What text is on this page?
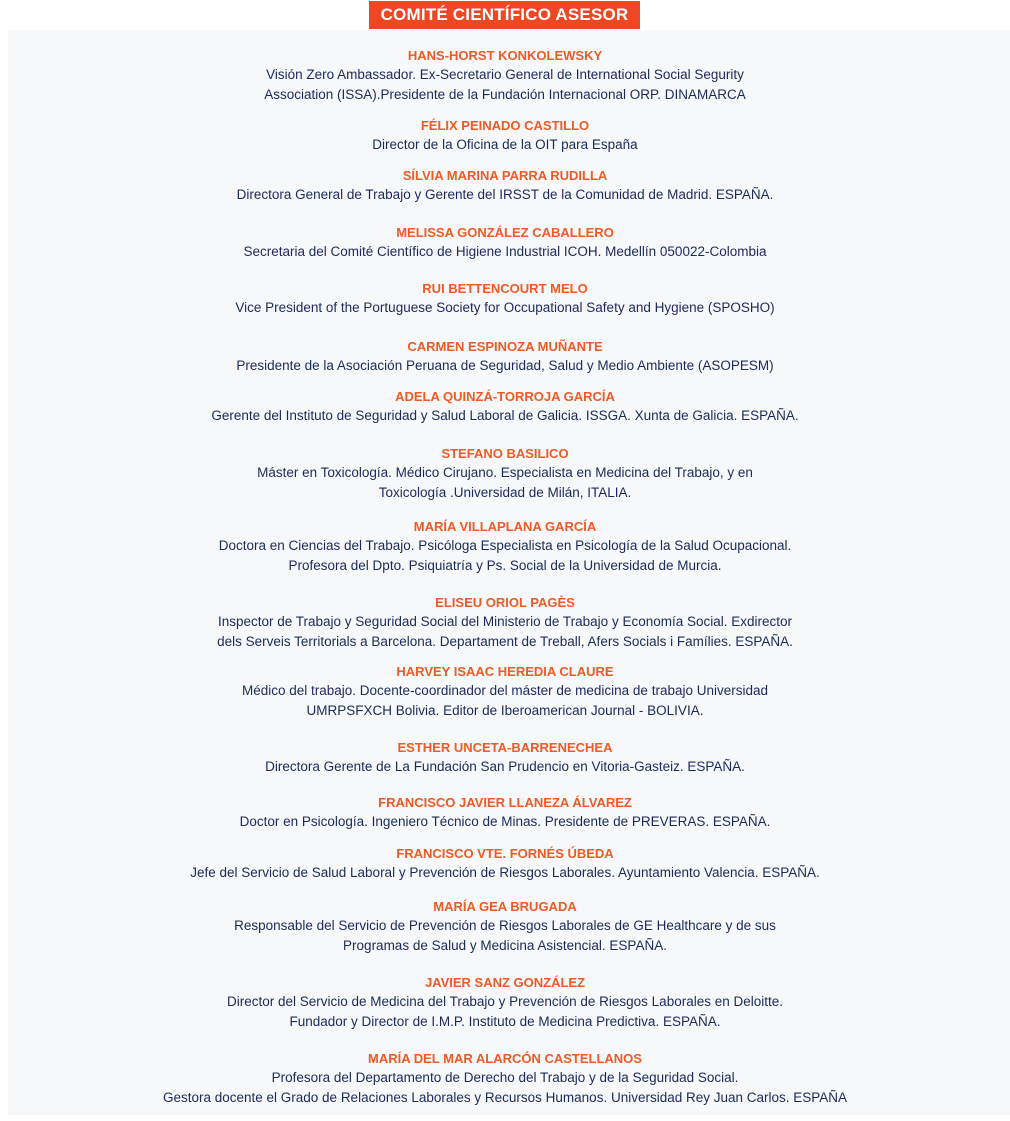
COMITÉ CIENTÍFICO ASESOR
HANS-HORST KONKOLEWSKY
Visión Zero Ambassador. Ex-Secretario General de International Social Segurity
Association (ISSA).Presidente de la Fundación Internacional ORP. DINAMARCA
FÉLIX PEINADO CASTILLO
Director de la Oficina de la OIT para España
SÍLVIA MARINA PARRA RUDILLA
Directora General de Trabajo y Gerente del IRSST de la Comunidad de Madrid. ESPAÑA.
MELISSA GONZÁLEZ CABALLERO
Secretaria del Comité Científico de Higiene Industrial ICOH. Medellín 050022-Colombia
RUI BETTENCOURT MELO
Vice President of the Portuguese Society for Occupational Safety and Hygiene (SPOSHO)
CARMEN ESPINOZA MUÑANTE
Presidente de la Asociación Peruana de Seguridad, Salud y Medio Ambiente (ASOPESM)
ADELA QUINZÁ-TORROJA GARCÍA
Gerente del Instituto de Seguridad y Salud Laboral de Galicia. ISSGA. Xunta de Galicia. ESPAÑA.
STEFANO BASILICO
Máster en Toxicología. Médico Cirujano. Especialista en Medicina del Trabajo, y en
Toxicología .Universidad de Milán, ITALIA.
MARÍA VILLAPLANA GARCÍA
Doctora en Ciencias del Trabajo. Psicóloga Especialista en Psicología de la Salud Ocupacional.
Profesora del Dpto. Psiquiatría y Ps. Social de la Universidad de Murcia.
ELISEU ORIOL PAGÈS
Inspector de Trabajo y Seguridad Social del Ministerio de Trabajo y Economía Social. Exdirector
dels Serveis Territorials a Barcelona. Departament de Treball, Afers Socials i Famílies. ESPAÑA.
HARVEY ISAAC HEREDIA CLAURE
Médico del trabajo. Docente-coordinador del máster de medicina de trabajo Universidad
UMRPSFXCH Bolivia. Editor de Iberoamerican Journal - BOLIVIA.
ESTHER UNCETA-BARRENECHEA
Directora Gerente de La Fundación San Prudencio en Vitoria-Gasteiz. ESPAÑA.
FRANCISCO JAVIER LLANEZA ÁLVAREZ
Doctor en Psicología. Ingeniero Técnico de Minas. Presidente de PREVERAS. ESPAÑA.
FRANCISCO VTE. FORNÉS ÚBEDA
Jefe del Servicio de Salud Laboral y Prevención de Riesgos Laborales. Ayuntamiento Valencia. ESPAÑA.
MARÍA GEA BRUGADA
Responsable del Servicio de Prevención de Riesgos Laborales de GE Healthcare y de sus
Programas de Salud y Medicina Asistencial. ESPAÑA.
JAVIER SANZ GONZÁLEZ
Director del Servicio de Medicina del Trabajo y Prevención de Riesgos Laborales en Deloitte.
Fundador y Director de I.M.P. Instituto de Medicina Predictiva. ESPAÑA.
MARÍA DEL MAR ALARCÓN CASTELLANOS
Profesora del Departamento de Derecho del Trabajo y de la Seguridad Social.
Gestora docente el Grado de Relaciones Laborales y Recursos Humanos. Universidad Rey Juan Carlos. ESPAÑA
